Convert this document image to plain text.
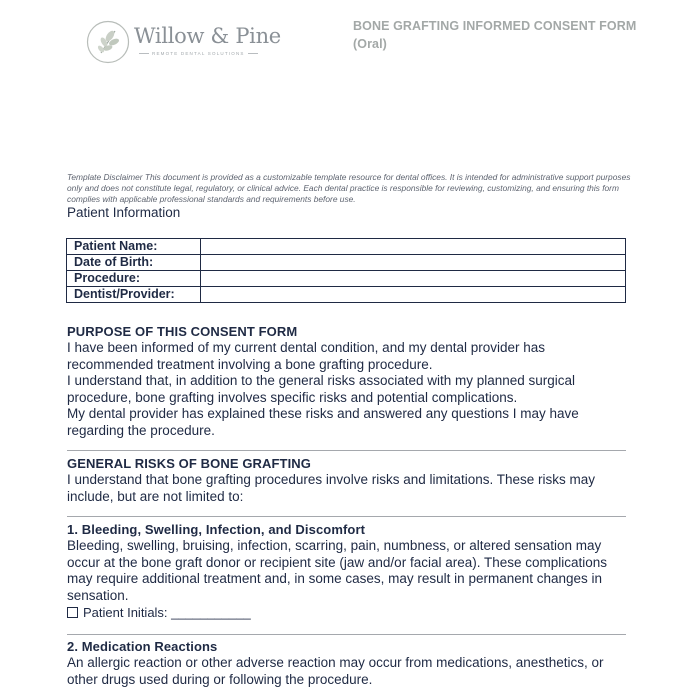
Willow & Pine
REMOTE DENTAL SOLUTIONS
BONE GRAFTING INFORMED CONSENT FORM (Oral)
Template Disclaimer This document is provided as a customizable template resource for dental offices. It is intended for administrative support purposes only and does not constitute legal, regulatory, or clinical advice. Each dental practice is responsible for reviewing, customizing, and ensuring this form complies with applicable professional standards and requirements before use.
Patient Information
Patient Name:	
Date of Birth:	
Procedure:	
Dentist/Provider:	
PURPOSE OF THIS CONSENT FORM
I have been informed of my current dental condition, and my dental provider has recommended treatment involving a bone grafting procedure.
I understand that, in addition to the general risks associated with my planned surgical procedure, bone grafting involves specific risks and potential complications.
My dental provider has explained these risks and answered any questions I may have regarding the procedure.
GENERAL RISKS OF BONE GRAFTING
I understand that bone grafting procedures involve risks and limitations. These risks may include, but are not limited to:
1. Bleeding, Swelling, Infection, and Discomfort
Bleeding, swelling, bruising, infection, scarring, pain, numbness, or altered sensation may occur at the bone graft donor or recipient site (jaw and/or facial area). These complications may require additional treatment and, in some cases, may result in permanent changes in sensation.
Patient Initials: ___________
2. Medication Reactions
An allergic reaction or other adverse reaction may occur from medications, anesthetics, or other drugs used during or following the procedure.
